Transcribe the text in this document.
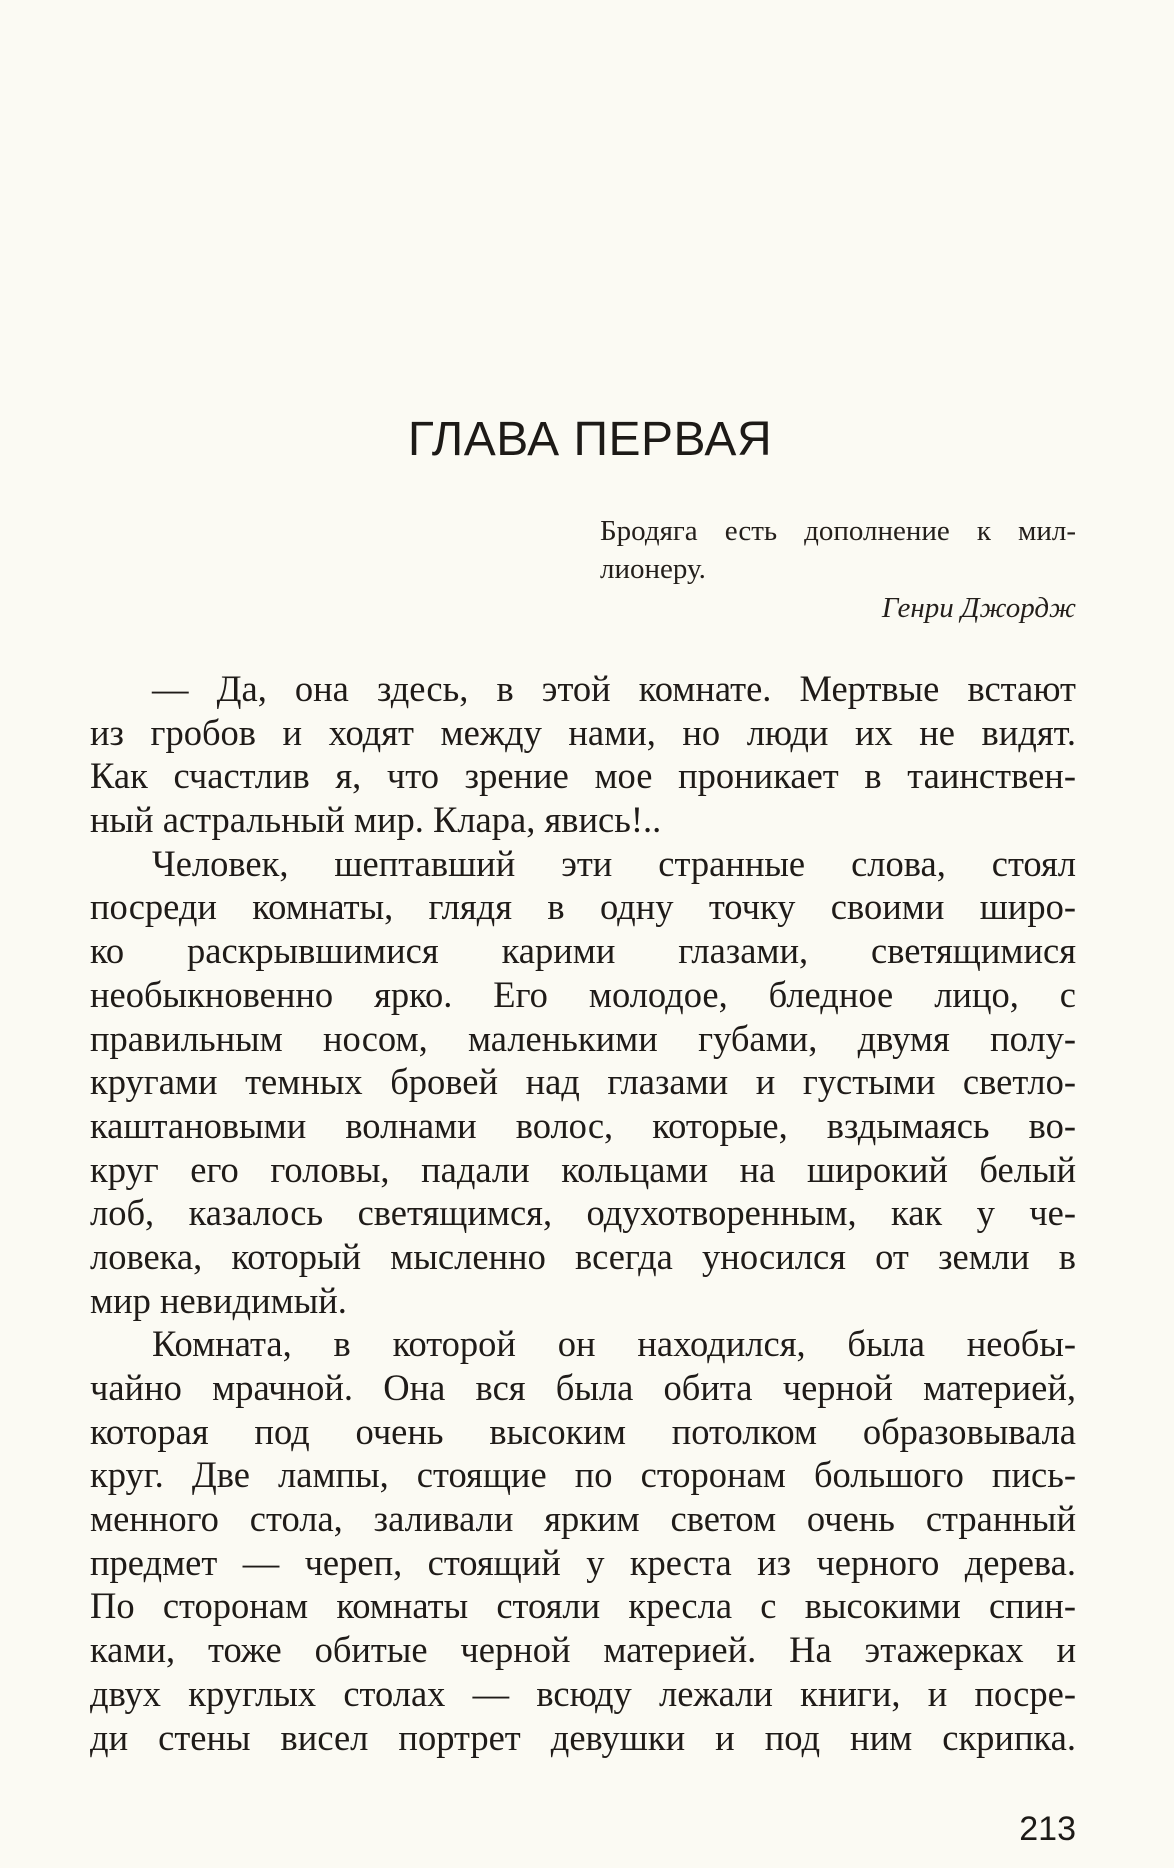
ГЛАВА ПЕРВАЯ
Бродяга есть дополнение к мил-
лионеру.
Генри Джордж
— Да, она здесь, в этой комнате. Мертвые встают
из гробов и ходят между нами, но люди их не видят.
Как счастлив я, что зрение мое проникает в таинствен-
ный астральный мир. Клара, явись!..
Человек, шептавший эти странные слова, стоял
посреди комнаты, глядя в одну точку своими широ-
ко раскрывшимися карими глазами, светящимися
необыкновенно ярко. Его молодое, бледное лицо, с
правильным носом, маленькими губами, двумя полу-
кругами темных бровей над глазами и густыми светло-
каштановыми волнами волос, которые, вздымаясь во-
круг его головы, падали кольцами на широкий белый
лоб, казалось светящимся, одухотворенным, как у че-
ловека, который мысленно всегда уносился от земли в
мир невидимый.
Комната, в которой он находился, была необы-
чайно мрачной. Она вся была обита черной материей,
которая под очень высоким потолком образовывала
круг. Две лампы, стоящие по сторонам большого пись-
менного стола, заливали ярким светом очень странный
предмет — череп, стоящий у креста из черного дерева.
По сторонам комнаты стояли кресла с высокими спин-
ками, тоже обитые черной материей. На этажерках и
двух круглых столах — всюду лежали книги, и посре-
ди стены висел портрет девушки и под ним скрипка.
213
